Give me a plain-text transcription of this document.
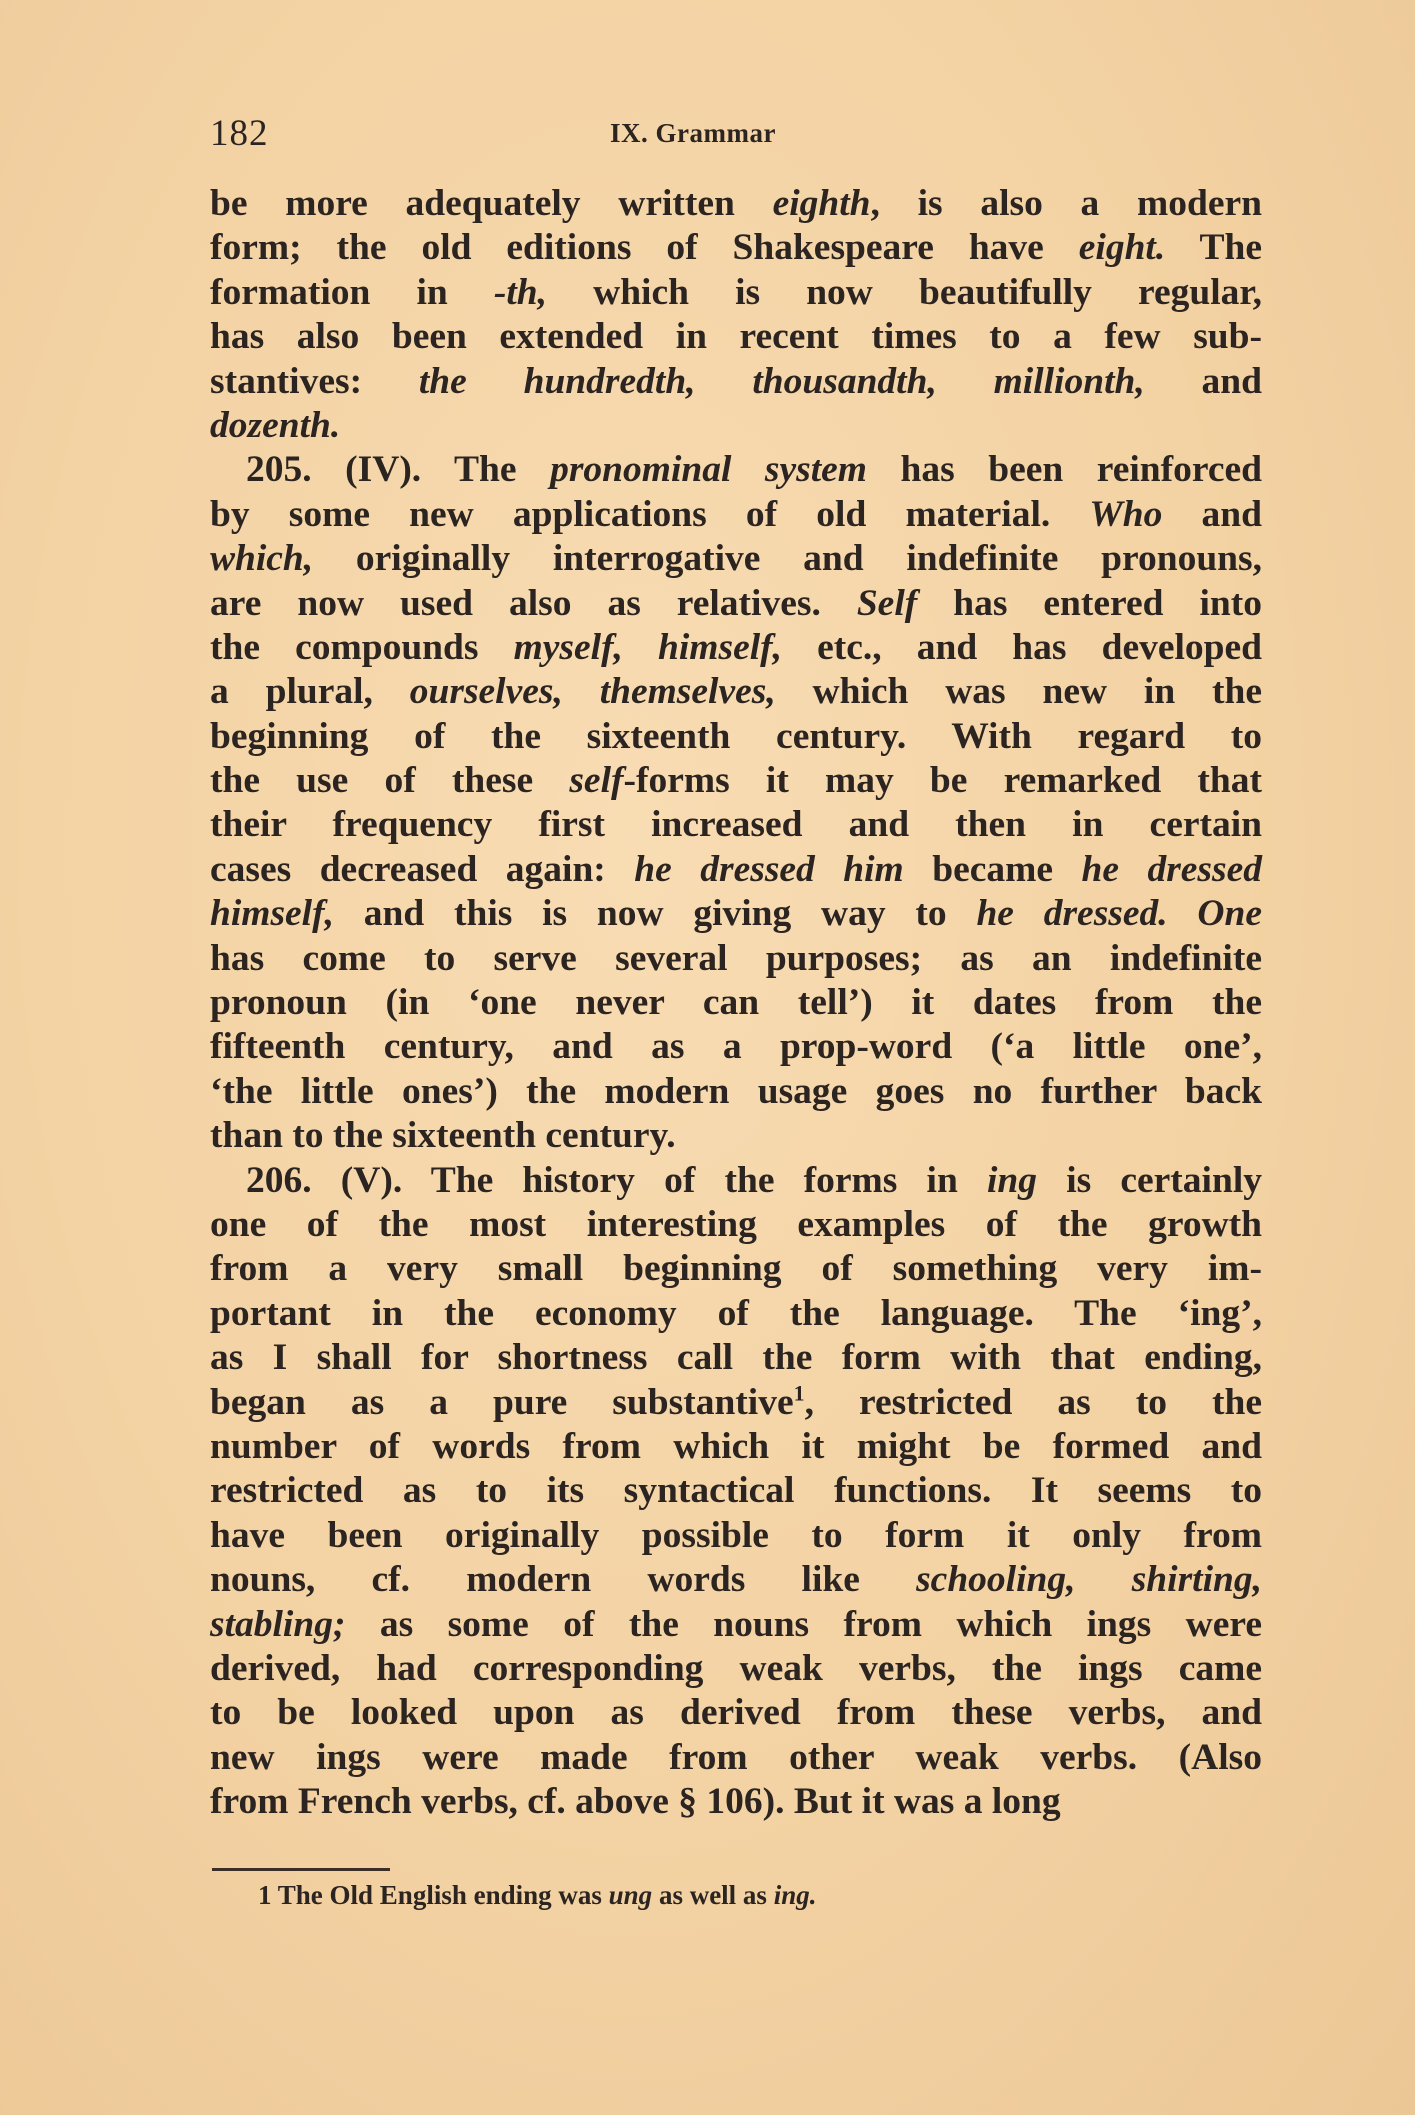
182	IX. Grammar

be more adequately written eighth, is also a modern
form; the old editions of Shakespeare have eight. The
formation in -th, which is now beautifully regular,
has also been extended in recent times to a few sub-
stantives: the hundredth, thousandth, millionth, and
dozenth.

205. (IV). The pronominal system has been reinforced
by some new applications of old material. Who and
which, originally interrogative and indefinite pronouns,
are now used also as relatives. Self has entered into
the compounds myself, himself, etc., and has developed
a plural, ourselves, themselves, which was new in the
beginning of the sixteenth century. With regard to
the use of these self-forms it may be remarked that
their frequency first increased and then in certain
cases decreased again: he dressed him became he dressed
himself, and this is now giving way to he dressed. One
has come to serve several purposes; as an indefinite
pronoun (in ‘one never can tell’) it dates from the
fifteenth century, and as a prop-word (‘a little one’,
‘the little ones’) the modern usage goes no further back
than to the sixteenth century.

206. (V). The history of the forms in ing is certainly
one of the most interesting examples of the growth
from a very small beginning of something very im-
portant in the economy of the language. The ‘ing’,
as I shall for shortness call the form with that ending,
began as a pure substantive$^1$, restricted as to the
number of words from which it might be formed and
restricted as to its syntactical functions. It seems to
have been originally possible to form it only from
nouns, cf. modern words like schooling, shirting,
stabling; as some of the nouns from which ings were
derived, had corresponding weak verbs, the ings came
to be looked upon as derived from these verbs, and
new ings were made from other weak verbs. (Also
from French verbs, cf. above § 106). But it was a long

1 The Old English ending was ung as well as ing.
